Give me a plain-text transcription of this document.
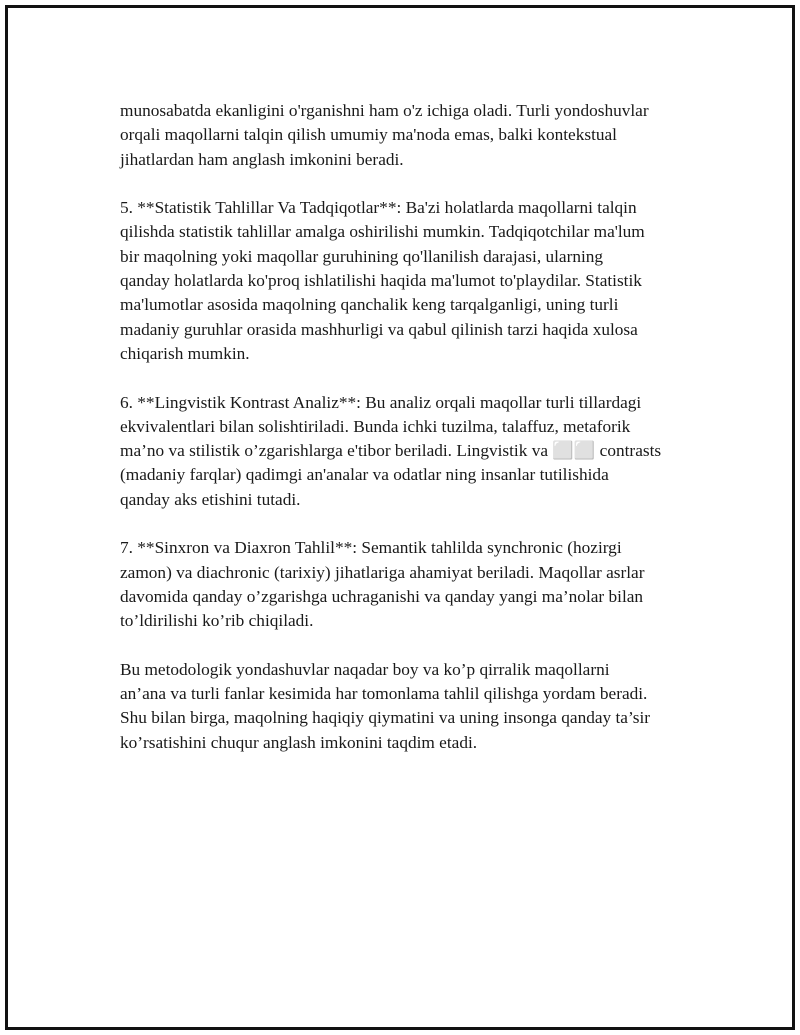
munosabatda ekanligini o'rganishni ham o'z ichiga oladi. Turli yondoshuvlar
orqali maqollarni talqin qilish umumiy ma'noda emas, balki kontekstual
jihatlardan ham anglash imkonini beradi.

5. **Statistik Tahlillar Va Tadqiqotlar**: Ba'zi holatlarda maqollarni talqin
qilishda statistik tahlillar amalga oshirilishi mumkin. Tadqiqotchilar ma'lum
bir maqolning yoki maqollar guruhining qo'llanilish darajasi, ularning
qanday holatlarda ko'proq ishlatilishi haqida ma'lumot to'playdilar. Statistik
ma'lumotlar asosida maqolning qanchalik keng tarqalganligi, uning turli
madaniy guruhlar orasida mashhurligi va qabul qilinish tarzi haqida xulosa
chiqarish mumkin.

6. **Lingvistik Kontrast Analiz**: Bu analiz orqali maqollar turli tillardagi
ekvivalentlari bilan solishtiriladi. Bunda ichki tuzilma, talaffuz, metaforik
ma’no va stilistik o’zgarishlarga e'tibor beriladi. Lingvistik va ⬜⬜ contrasts
(madaniy farqlar) qadimgi an'analar va odatlar ning insanlar tutilishida
qanday aks etishini tutadi.

7. **Sinxron va Diaxron Tahlil**: Semantik tahlilda synchronic (hozirgi
zamon) va diachronic (tarixiy) jihatlariga ahamiyat beriladi. Maqollar asrlar
davomida qanday o’zgarishga uchraganishi va qanday yangi ma’nolar bilan
to’ldirilishi ko’rib chiqiladi.

Bu metodologik yondashuvlar naqadar boy va ko’p qirralik maqollarni
an’ana va turli fanlar kesimida har tomonlama tahlil qilishga yordam beradi.
Shu bilan birga, maqolning haqiqiy qiymatini va uning insonga qanday ta’sir
ko’rsatishini chuqur anglash imkonini taqdim etadi.
